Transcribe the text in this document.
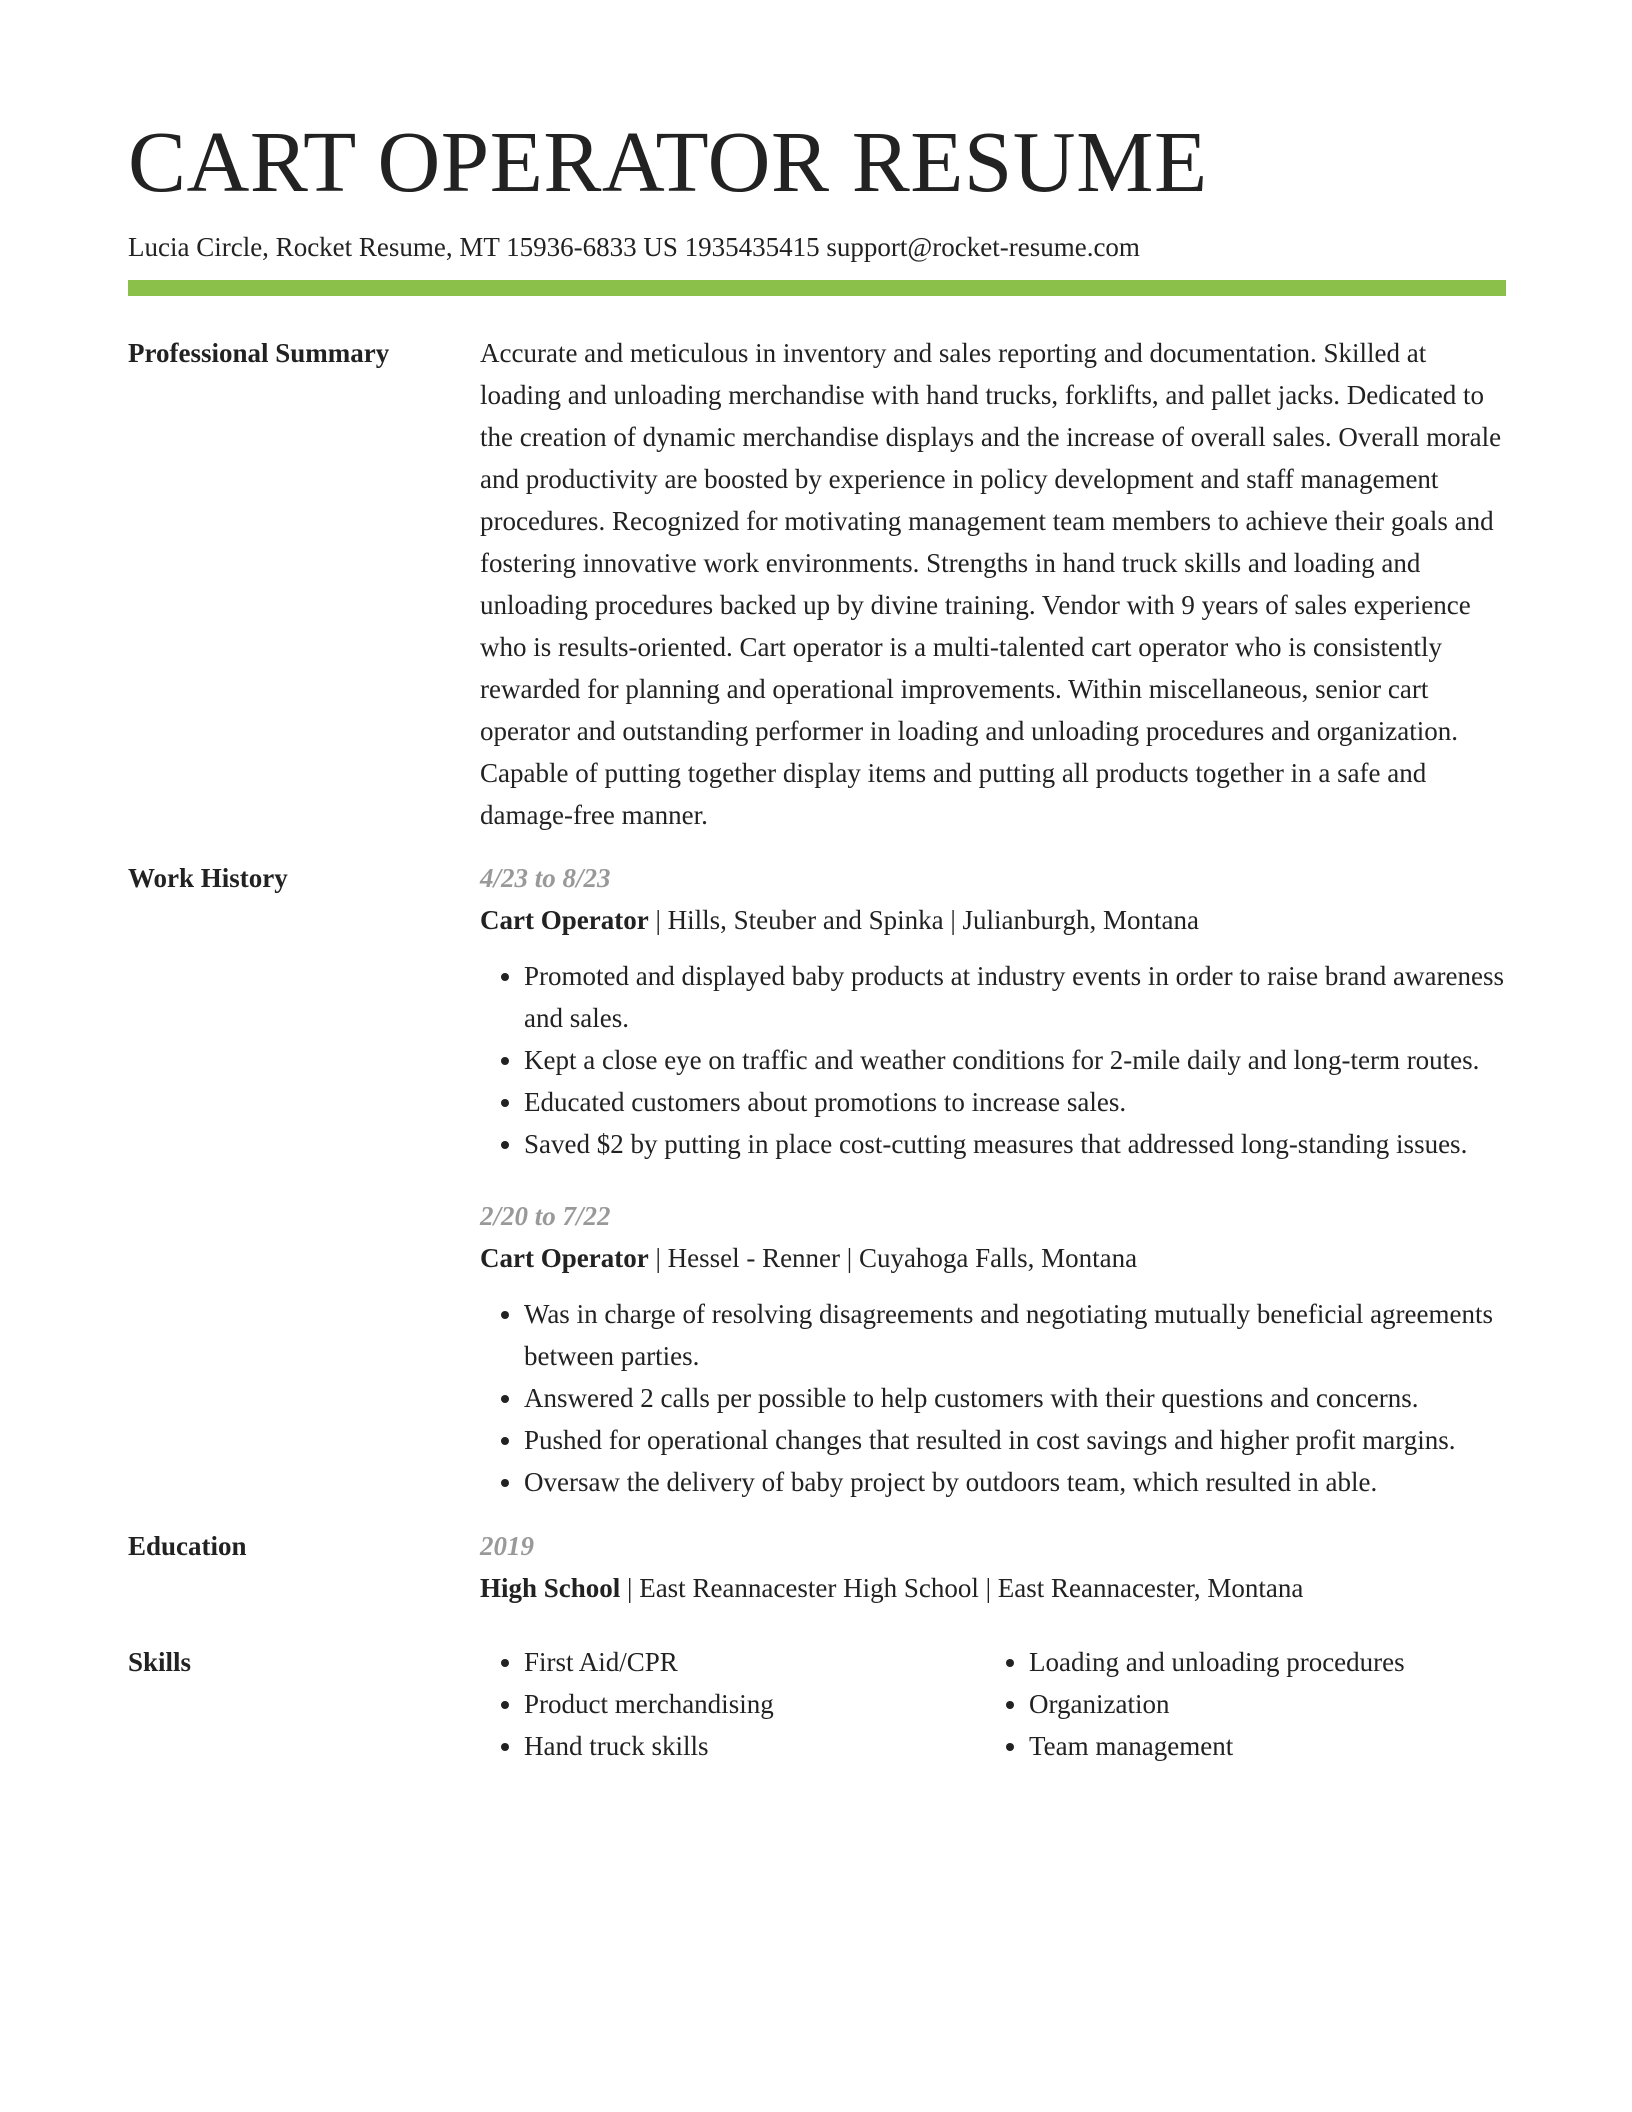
CART OPERATOR RESUME
Lucia Circle, Rocket Resume, MT 15936-6833 US 1935435415 support@rocket-resume.com
Professional Summary	Accurate and meticulous in inventory and sales reporting and documentation. Skilled at loading and unloading merchandise with hand trucks, forklifts, and pallet jacks. Dedicated to the creation of dynamic merchandise displays and the increase of overall sales. Overall morale and productivity are boosted by experience in policy development and staff management procedures. Recognized for motivating management team members to achieve their goals and fostering innovative work environments. Strengths in hand truck skills and loading and unloading procedures backed up by divine training. Vendor with 9 years of sales experience who is results-oriented. Cart operator is a multi-talented cart operator who is consistently rewarded for planning and operational improvements. Within miscellaneous, senior cart operator and outstanding performer in loading and unloading procedures and organization. Capable of putting together display items and putting all products together in a safe and damage-free manner.

Work History	4/23 to 8/23
Cart Operator | Hills, Steuber and Spinka | Julianburgh, Montana
• Promoted and displayed baby products at industry events in order to raise brand awareness and sales.
• Kept a close eye on traffic and weather conditions for 2-mile daily and long-term routes.
• Educated customers about promotions to increase sales.
• Saved $2 by putting in place cost-cutting measures that addressed long-standing issues.
2/20 to 7/22
Cart Operator | Hessel - Renner | Cuyahoga Falls, Montana
• Was in charge of resolving disagreements and negotiating mutually beneficial agreements between parties.
• Answered 2 calls per possible to help customers with their questions and concerns.
• Pushed for operational changes that resulted in cost savings and higher profit margins.
• Oversaw the delivery of baby project by outdoors team, which resulted in able.
Education	2019
High School | East Reannacester High School | East Reannacester, Montana
Skills
•	First Aid/CPR
• Product merchandising
• Hand truck skills
• Loading and unloading procedures
• Organization
• Team management
